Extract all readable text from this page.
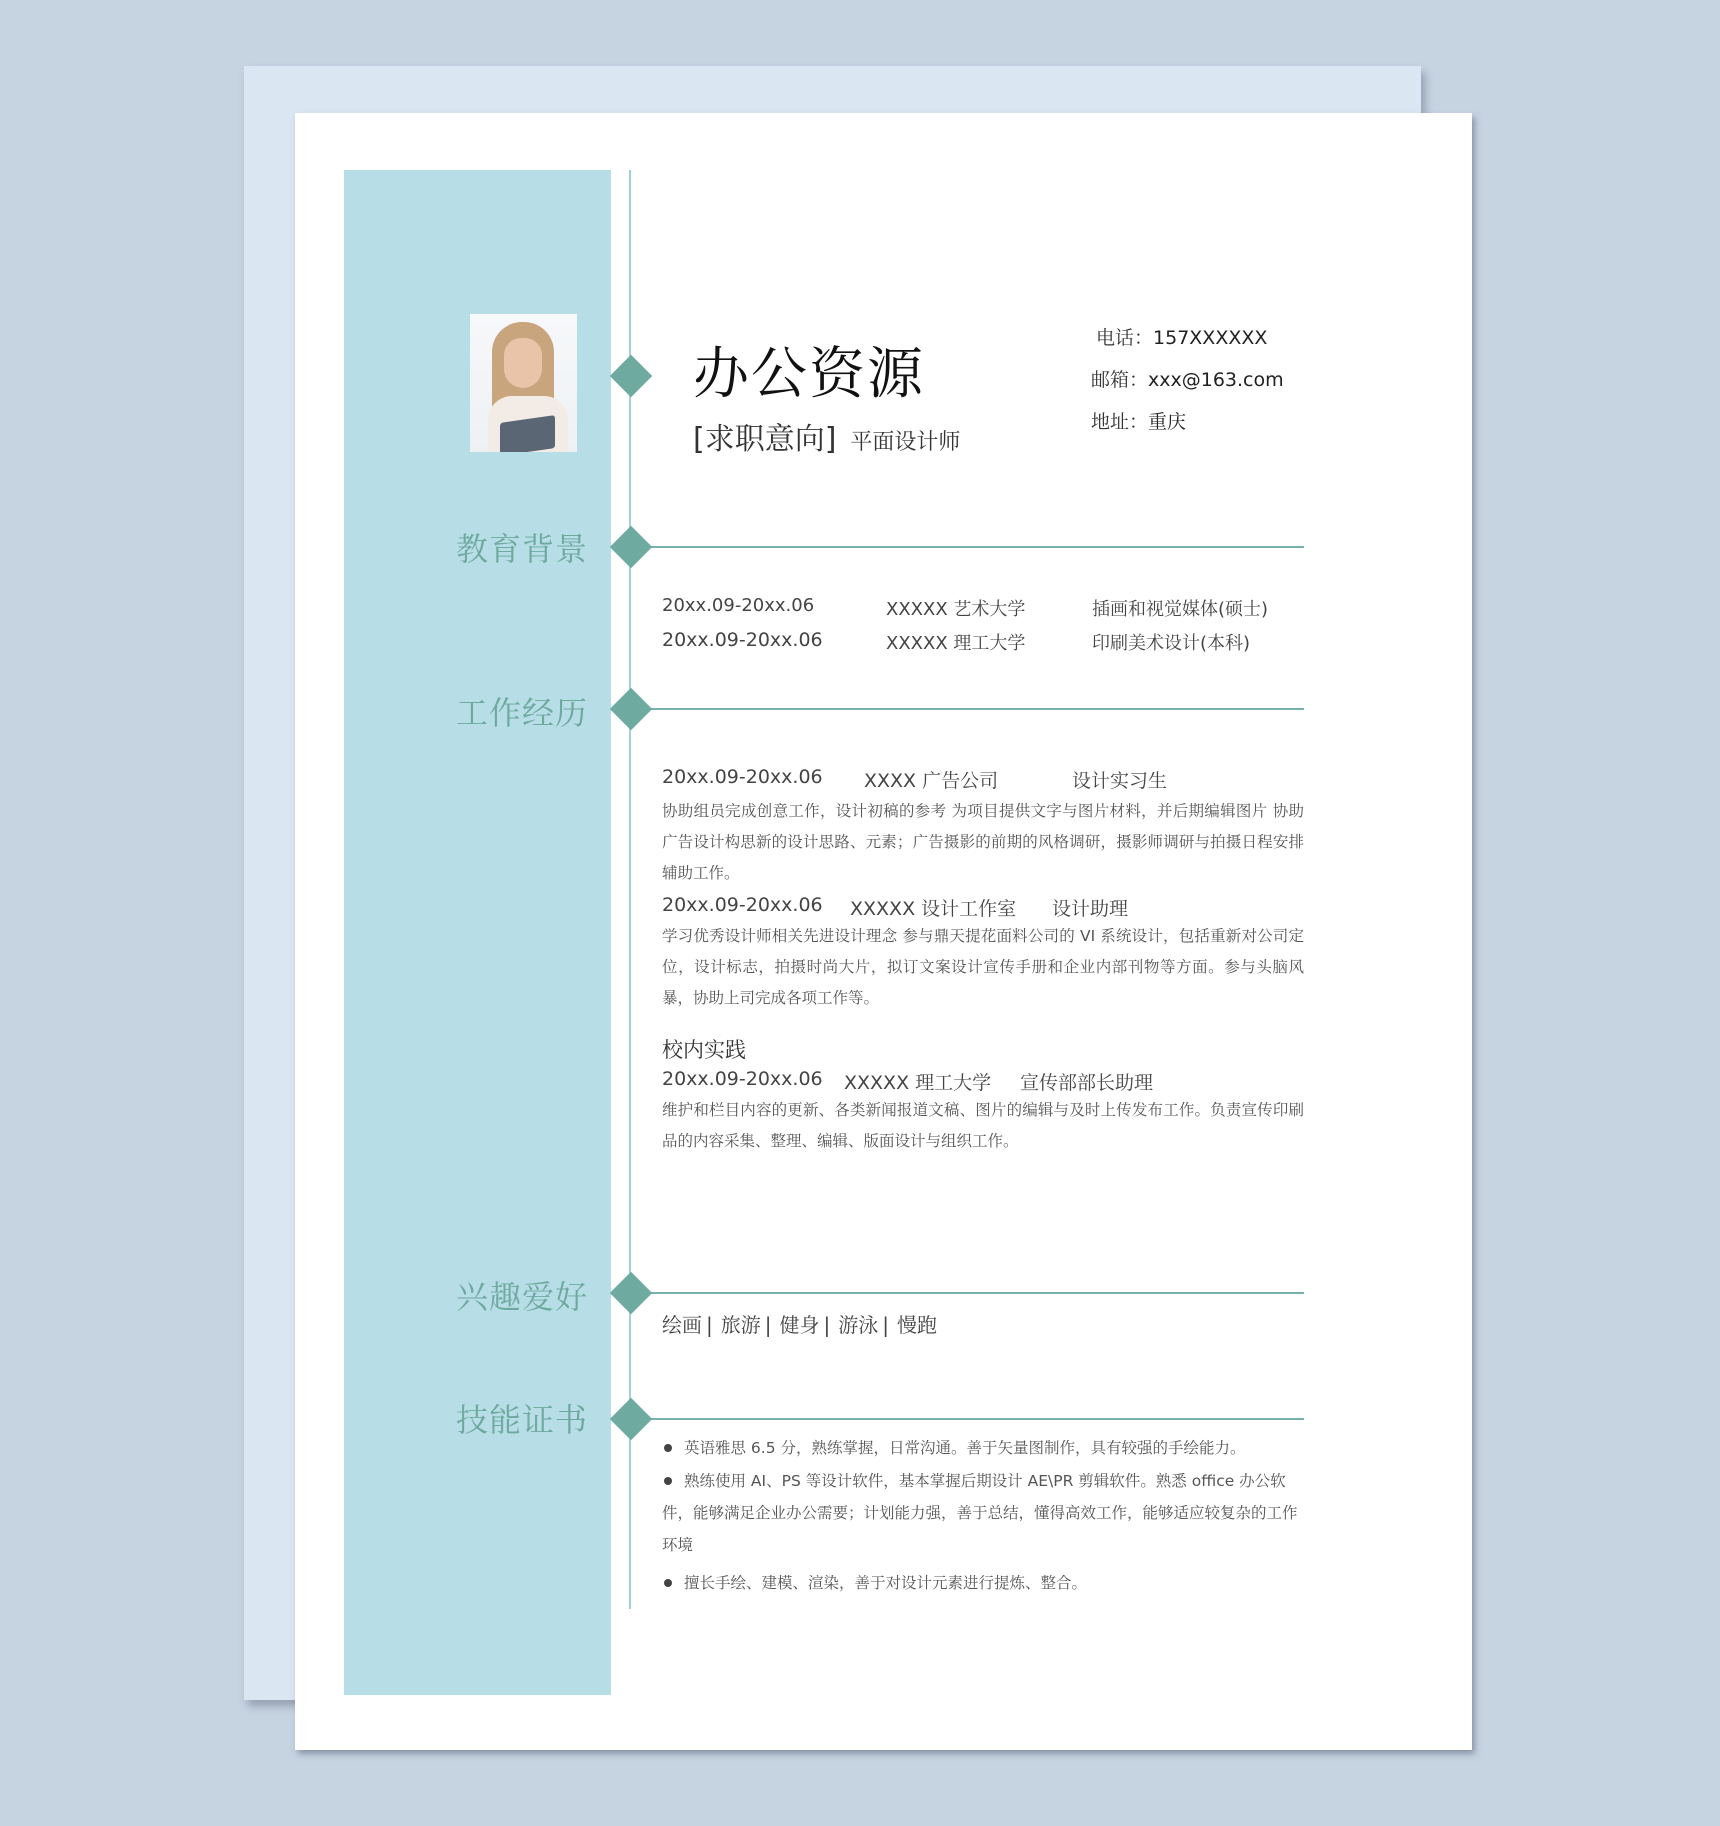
教育背景
工作经历
兴趣爱好
技能证书
办公资源
[求职意向] 平面设计师
电话：157XXXXXX
邮箱：xxx@163.com
地址：重庆
20xx.09-20xx.06	XXXXX 艺术大学	插画和视觉媒体(硕士)
20xx.09-20xx.06	XXXXX 理工大学	印刷美术设计(本科)
20xx.09-20xx.06 XXXX 广告公司	设计实习生
协助组员完成创意工作，设计初稿的参考 为项目提供文字与图片材料，并后期编辑图片 协助广告设计构思新的设计思路、元素；广告摄影的前期的风格调研，摄影师调研与拍摄日程安排辅助工作。
20xx.09-20xx.06 XXXXX 设计工作室 设计助理
学习优秀设计师相关先进设计理念 参与鼎天提花面料公司的 VI 系统设计，包括重新对公司定位，设计标志，拍摄时尚大片，拟订文案设计宣传手册和企业内部刊物等方面。参与头脑风暴，协助上司完成各项工作等。
校内实践
20xx.09-20xx.06 XXXXX 理工大学 宣传部部长助理
维护和栏目内容的更新、各类新闻报道文稿、图片的编辑与及时上传发布工作。负责宣传印刷品的内容采集、整理、编辑、版面设计与组织工作。
绘画 | 旅游 | 健身 | 游泳 | 慢跑
英语雅思 6.5 分，熟练掌握，日常沟通。善于矢量图制作，具有较强的手绘能力。
熟练使用 AI、PS 等设计软件，基本掌握后期设计 AE\PR 剪辑软件。熟悉 office 办公软件，能够满足企业办公需要；计划能力强，善于总结，懂得高效工作，能够适应较复杂的工作环境
擅长手绘、建模、渲染，善于对设计元素进行提炼、整合。
